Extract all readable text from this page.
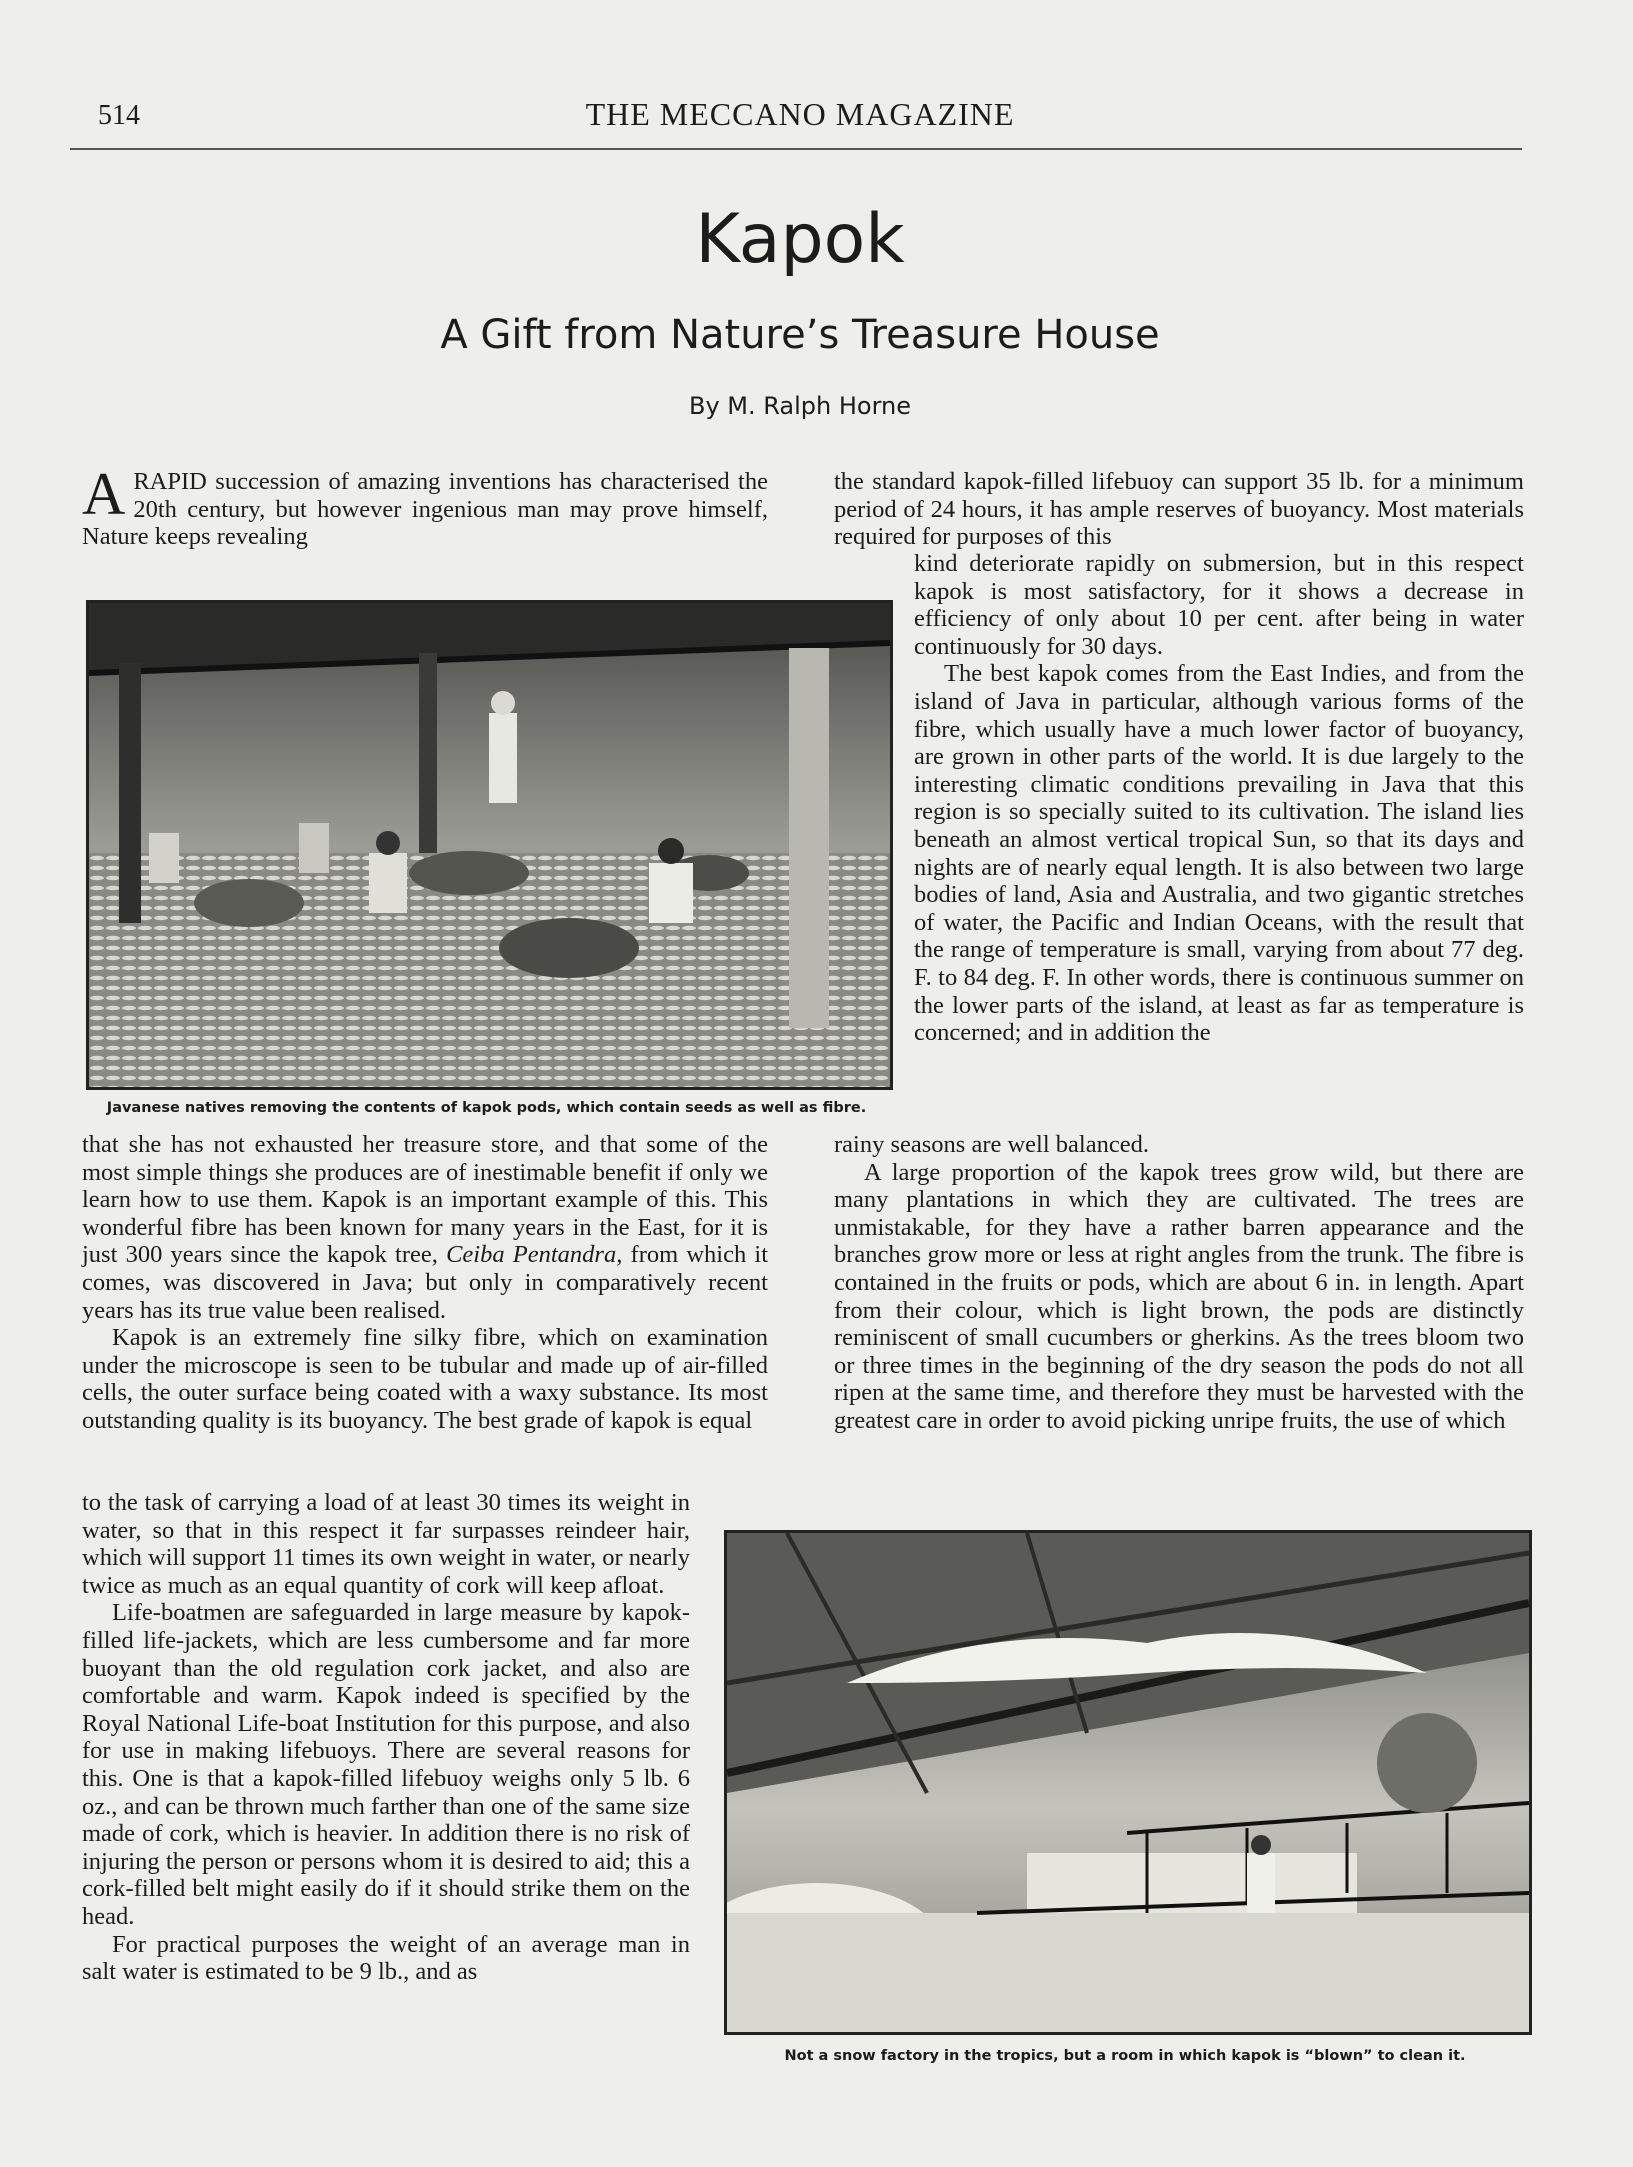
514	THE MECCANO MAGAZINE
Kapok
A Gift from Nature’s Treasure House
By M. Ralph Horne

ARAPID succession of amazing inventions has characterised the 20th century, but however ingenious man may prove himself, Nature keeps revealing

Javanese natives removing the contents of kapok pods, which contain seeds as well as fibre.

that she has not exhausted her treasure store, and that some of the most simple things she produces are of inestimable benefit if only we learn how to use them. Kapok is an important example of this. This wonderful fibre has been known for many years in the East, for it is just 300 years since the kapok tree, Ceiba Pentandra, from which it comes, was discovered in Java; but only in comparatively recent years has its true value been realised.

Kapok is an extremely fine silky fibre, which on examination under the microscope is seen to be tubular and made up of air-filled cells, the outer surface being coated with a waxy substance. Its most outstanding quality is its buoyancy. The best grade of kapok is equal

to the task of carrying a load of at least 30 times its weight in water, so that in this respect it far surpasses reindeer hair, which will support 11 times its own weight in water, or nearly twice as much as an equal quantity of cork will keep afloat.

Life-boatmen are safeguarded in large measure by kapok-filled life-jackets, which are less cumbersome and far more buoyant than the old regulation cork jacket, and also are comfortable and warm. Kapok indeed is specified by the Royal National Life-boat Institution for this purpose, and also for use in making lifebuoys. There are several reasons for this. One is that a kapok-filled lifebuoy weighs only 5 lb. 6 oz., and can be thrown much farther than one of the same size made of cork, which is heavier. In addition there is no risk of injuring the person or persons whom it is desired to aid; this a cork-filled belt might easily do if it should strike them on the head.

For practical purposes the weight of an average man in salt water is estimated to be 9 lb., and as

the standard kapok-filled lifebuoy can support 35 lb. for a minimum period of 24 hours, it has ample reserves of buoyancy. Most materials required for purposes of this

kind deteriorate rapidly on submersion, but in this respect kapok is most satisfactory, for it shows a decrease in efficiency of only about 10 per cent. after being in water continuously for 30 days.

The best kapok comes from the East Indies, and from the island of Java in particular, although various forms of the fibre, which usually have a much lower factor of buoyancy, are grown in other parts of the world. It is due largely to the interesting climatic conditions prevailing in Java that this region is so specially suited to its cultivation. The island lies beneath an almost vertical tropical Sun, so that its days and nights are of nearly equal length. It is also between two large bodies of land, Asia and Australia, and two gigantic stretches of water, the Pacific and Indian Oceans, with the result that the range of temperature is small, varying from about 77 deg. F. to 84 deg. F. In other words, there is continuous summer on the lower parts of the island, at least as far as temperature is concerned; and in addition the

rainy seasons are well balanced.

A large proportion of the kapok trees grow wild, but there are many plantations in which they are cultivated. The trees are unmistakable, for they have a rather barren appearance and the branches grow more or less at right angles from the trunk. The fibre is contained in the fruits or pods, which are about 6 in. in length. Apart from their colour, which is light brown, the pods are distinctly reminiscent of small cucumbers or gherkins. As the trees bloom two or three times in the beginning of the dry season the pods do not all ripen at the same time, and therefore they must be harvested with the greatest care in order to avoid picking unripe fruits, the use of which

Not a snow factory in the tropics, but a room in which kapok is “blown” to clean it.
